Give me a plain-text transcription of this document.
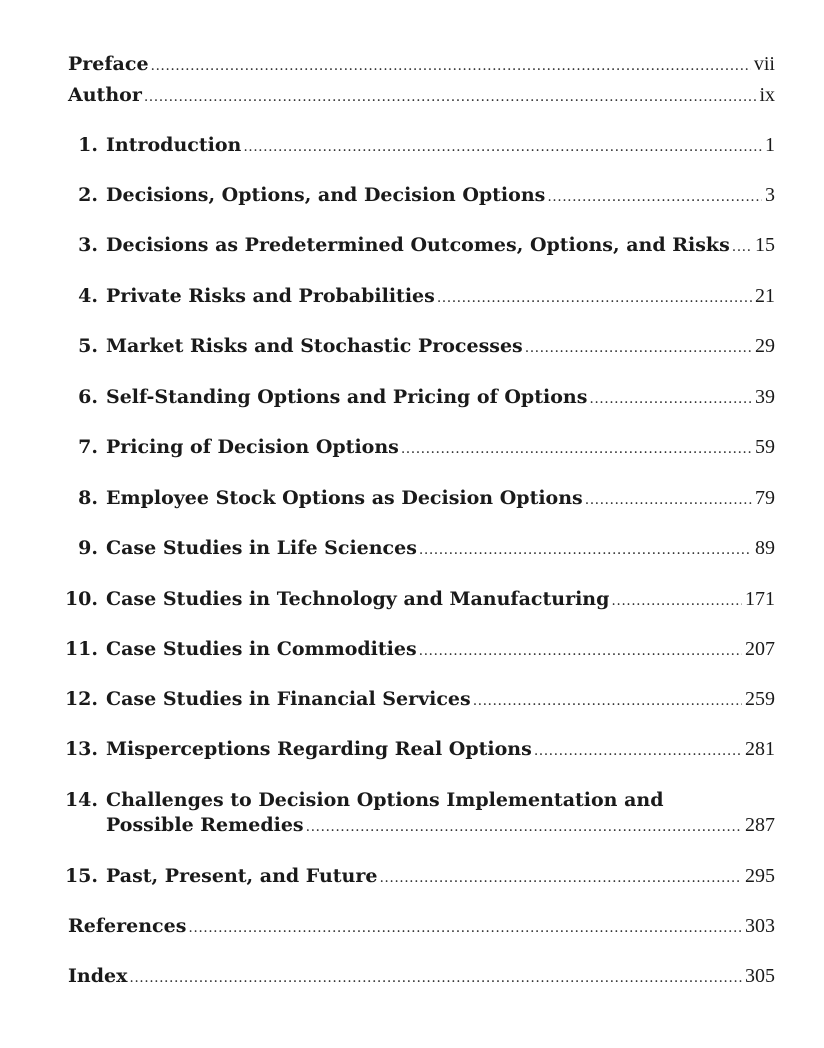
Preface .....	vii
Author .....	ix
1. Introduction .....	1
2. Decisions, Options, and Decision Options .....	3
3. Decisions as Predetermined Outcomes, Options, and Risks ..... 15
4. Private Risks and Probabilities .....	21
5. Market Risks and Stochastic Processes .....	29
6. Self-Standing Options and Pricing of Options .....	39
7. Pricing of Decision Options .....	59
8. Employee Stock Options as Decision Options .....	79
9. Case Studies in Life Sciences .....	89
10. Case Studies in Technology and Manufacturing .....	171
11. Case Studies in Commodities .....	207
12. Case Studies in Financial Services .....	259
13. Misperceptions Regarding Real Options .....	281
14. Challenges to Decision Options Implementation and
Possible Remedies .....	287
15. Past, Present, and Future .....	295
References .....	303
Index .....	305
